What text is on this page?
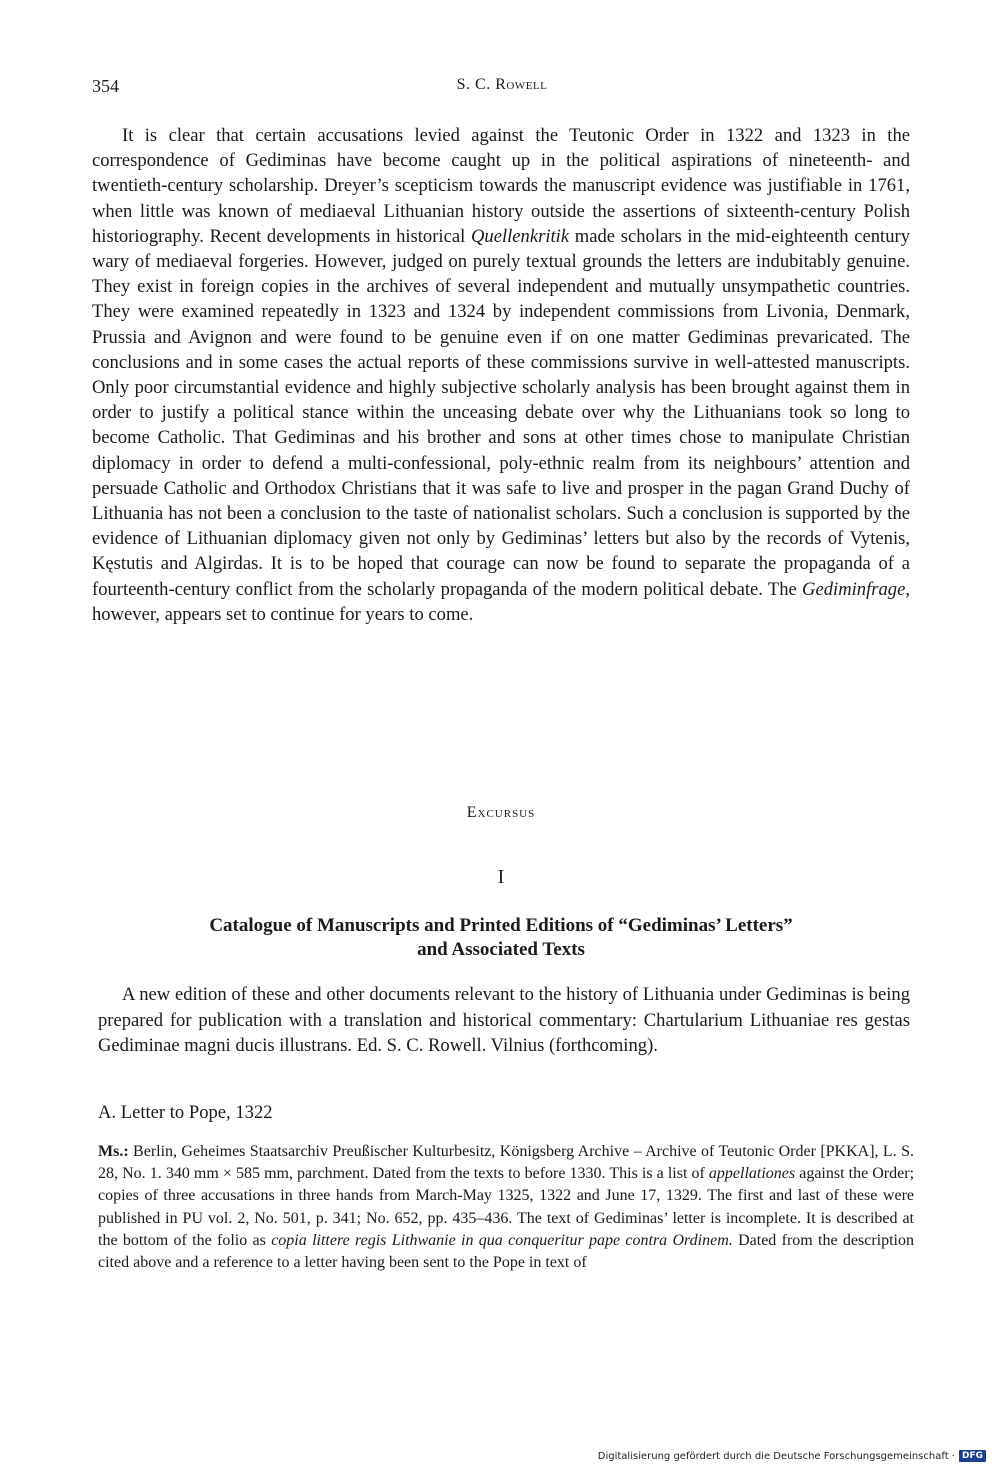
354	S. C. Rowell

It is clear that certain accusations levied against the Teutonic Order in 1322 and 1323 in the correspondence of Gediminas have become caught up in the political aspirations of nineteenth- and twentieth-century scholarship. Dreyer’s scepticism towards the manuscript evidence was justifiable in 1761, when little was known of mediaeval Lithuanian history outside the assertions of sixteenth-century Polish historiography. Recent developments in historical Quellenkritik made scholars in the mid-eighteenth century wary of mediaeval forgeries. However, judged on purely textual grounds the letters are indubitably genuine. They exist in foreign copies in the archives of several independent and mutually unsympathetic countries. They were examined repeatedly in 1323 and 1324 by independent commissions from Livonia, Denmark, Prussia and Avignon and were found to be genuine even if on one matter Gediminas prevaricated. The conclusions and in some cases the actual reports of these commissions survive in well-attested manuscripts. Only poor circumstantial evidence and highly subjective scholarly analysis has been brought against them in order to justify a political stance within the unceasing debate over why the Lithuanians took so long to become Catholic. That Gediminas and his brother and sons at other times chose to manipulate Christian diplomacy in order to defend a multi-confessional, poly-ethnic realm from its neighbours’ attention and persuade Catholic and Orthodox Christians that it was safe to live and prosper in the pagan Grand Duchy of Lithuania has not been a conclusion to the taste of nationalist scholars. Such a conclusion is supported by the evidence of Lithuanian diplomacy given not only by Gediminas’ letters but also by the records of Vytenis, Kęstutis and Algirdas. It is to be hoped that courage can now be found to separate the propaganda of a fourteenth-century conflict from the scholarly propaganda of the modern political debate. The Gediminfrage, however, appears set to continue for years to come.

Excursus
I
Catalogue of Manuscripts and Printed Editions of “Gediminas’ Letters”
and Associated Texts

A new edition of these and other documents relevant to the history of Lithuania under Gediminas is being prepared for publication with a translation and historical commentary: Chartularium Lithuaniae res gestas Gediminae magni ducis illustrans. Ed. S. C. Rowell. Vilnius (forthcoming).

A. Letter to Pope, 1322

Ms.: Berlin, Geheimes Staatsarchiv Preußischer Kulturbesitz, Königsberg Archive – Archive of Teutonic Order [PKKA], L. S. 28, No. 1. 340 mm × 585 mm, parchment. Dated from the texts to before 1330. This is a list of appellationes against the Order; copies of three accusations in three hands from March-May 1325, 1322 and June 17, 1329. The first and last of these were published in PU vol. 2, No. 501, p. 341; No. 652, pp. 435–436. The text of Gediminas’ letter is incomplete. It is described at the bottom of the folio as copia littere regis Lithwanie in qua conqueritur pape contra Ordinem. Dated from the description cited above and a reference to a letter having been sent to the Pope in text of

Digitalisierung gefördert durch die Deutsche Forschungsgemeinschaft · DFG
